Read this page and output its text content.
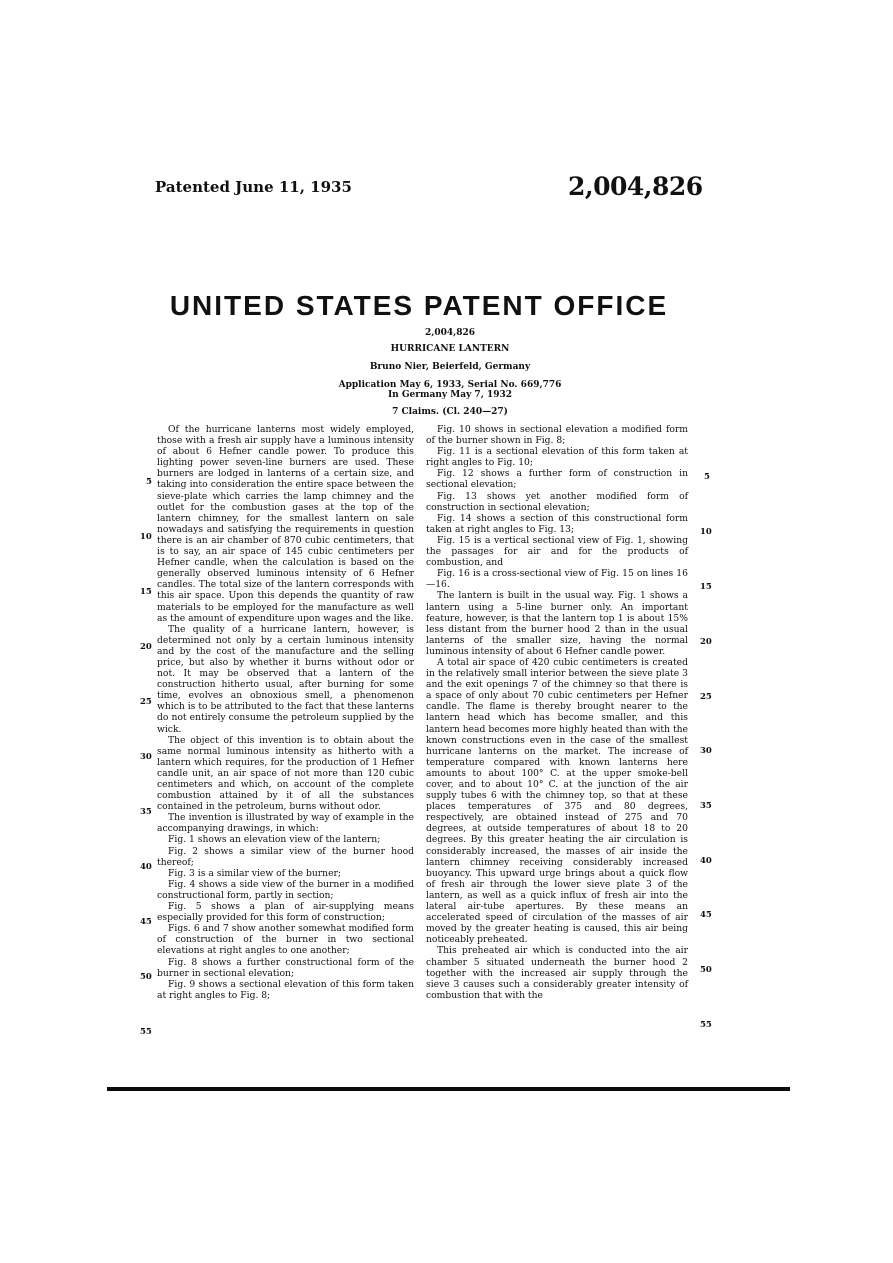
Patented June 11, 1935	2,004,826
UNITED STATES PATENT OFFICE
2,004,826
HURRICANE LANTERN
Bruno Nier, Beierfeld, Germany
Application May 6, 1933, Serial No. 669,776
In Germany May 7, 1932
7 Claims. (Cl. 240—27)

Of the hurricane lanterns most widely employed, those with a fresh air supply have a luminous intensity of about 6 Hefner candle power. To produce this lighting power seven-line burners are used. These burners are lodged in lanterns of a certain size, and taking into consideration the entire space between the sieve-plate which carries the lamp chimney and the outlet for the combustion gases at the top of the lantern chimney, for the smallest lantern on sale nowadays and satisfying the requirements in question there is an air chamber of 870 cubic centimeters, that is to say, an air space of 145 cubic centimeters per Hefner candle, when the calculation is based on the generally observed luminous intensity of 6 Hefner candles. The total size of the lantern corresponds with this air space. Upon this depends the quantity of raw materials to be employed for the manufacture as well as the amount of expenditure upon wages and the like.

The quality of a hurricane lantern, however, is determined not only by a certain luminous intensity and by the cost of the manufacture and the selling price, but also by whether it burns without odor or not. It may be observed that a lantern of the construction hitherto usual, after burning for some time, evolves an obnoxious smell, a phenomenon which is to be attributed to the fact that these lanterns do not entirely consume the petroleum supplied by the wick.

The object of this invention is to obtain about the same normal luminous intensity as hitherto with a lantern which requires, for the production of 1 Hefner candle unit, an air space of not more than 120 cubic centimeters and which, on account of the complete combustion attained by it of all the substances contained in the petroleum, burns without odor.

The invention is illustrated by way of example in the accompanying drawings, in which:

Fig. 1 shows an elevation view of the lantern;

Fig. 2 shows a similar view of the burner hood thereof;

Fig. 3 is a similar view of the burner;

Fig. 4 shows a side view of the burner in a modified constructional form, partly in section;

Fig. 5 shows a plan of air-supplying means especially provided for this form of construction;

Figs. 6 and 7 show another somewhat modified form of construction of the burner in two sectional elevations at right angles to one another;

Fig. 8 shows a further constructional form of the burner in sectional elevation;

Fig. 9 shows a sectional elevation of this form taken at right angles to Fig. 8;

Fig. 10 shows in sectional elevation a modified form of the burner shown in Fig. 8;

Fig. 11 is a sectional elevation of this form taken at right angles to Fig. 10;

Fig. 12 shows a further form of construction in sectional elevation;

Fig. 13 shows yet another modified form of construction in sectional elevation;

Fig. 14 shows a section of this constructional form taken at right angles to Fig. 13;

Fig. 15 is a vertical sectional view of Fig. 1, showing the passages for air and for the products of combustion, and

Fig. 16 is a cross-sectional view of Fig. 15 on lines 16—16.

The lantern is built in the usual way. Fig. 1 shows a lantern using a 5-line burner only. An important feature, however, is that the lantern top 1 is about 15% less distant from the burner hood 2 than in the usual lanterns of the smaller size, having the normal luminous intensity of about 6 Hefner candle power.

A total air space of 420 cubic centimeters is created in the relatively small interior between the sieve plate 3 and the exit openings 7 of the chimney so that there is a space of only about 70 cubic centimeters per Hefner candle. The flame is thereby brought nearer to the lantern head which has become smaller, and this lantern head becomes more highly heated than with the known constructions even in the case of the smallest hurricane lanterns on the market. The increase of temperature compared with known lanterns here amounts to about 100° C. at the upper smoke-bell cover, and to about 10° C. at the junction of the air supply tubes 6 with the chimney top, so that at these places temperatures of 375 and 80 degrees, respectively, are obtained instead of 275 and 70 degrees, at outside temperatures of about 18 to 20 degrees. By this greater heating the air circulation is considerably increased, the masses of air inside the lantern chimney receiving considerably increased buoyancy. This upward urge brings about a quick flow of fresh air through the lower sieve plate 3 of the lantern, as well as a quick influx of fresh air into the lateral air-tube apertures. By these means an accelerated speed of circulation of the masses of air moved by the greater heating is caused, this air being noticeably preheated.

This preheated air which is conducted into the air chamber 5 situated underneath the burner hood 2 together with the increased air supply through the sieve 3 causes such a considerably greater intensity of combustion that with the

5
10
15
20
25
30
35
40
45
50
55
5
10
15
20
25
30
35
40
45
50
55
